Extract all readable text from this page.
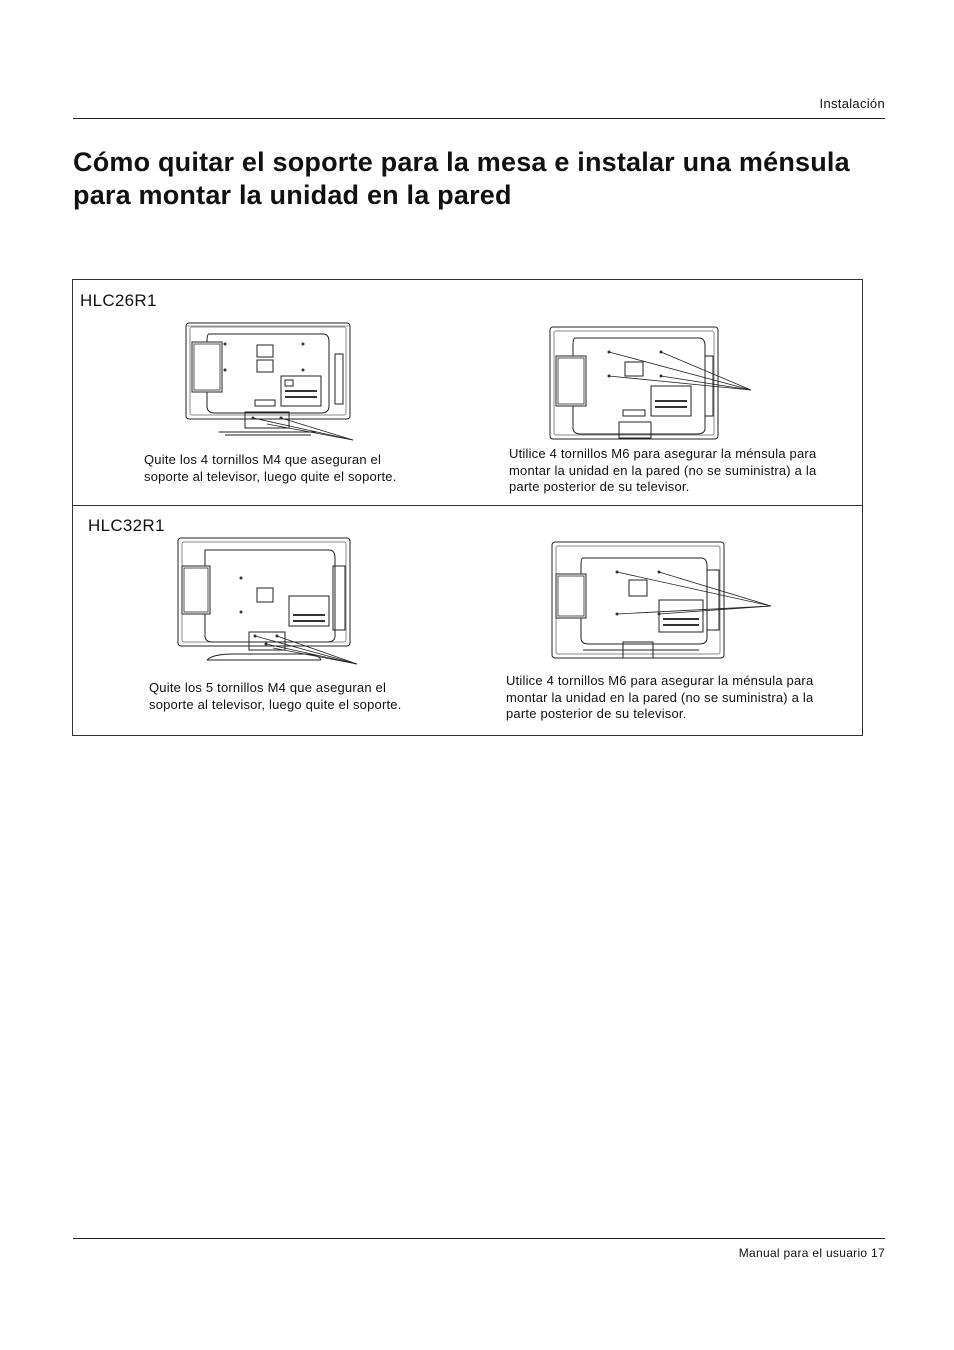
Instalación
Cómo quitar el soporte para la mesa e instalar una ménsula para montar la unidad en la pared
HLC26R1
Quite los 4 tornillos M4 que aseguran el soporte al televisor, luego quite el soporte.
Utilice 4 tornillos M6 para asegurar la ménsula para montar la unidad en la pared (no se suministra) a la parte posterior de su televisor.
HLC32R1
Quite los 5 tornillos M4 que aseguran el soporte al televisor, luego quite el soporte.
Utilice 4 tornillos M6 para asegurar la ménsula para montar la unidad en la pared (no se suministra) a la parte posterior de su televisor.
Manual para el usuario 17
